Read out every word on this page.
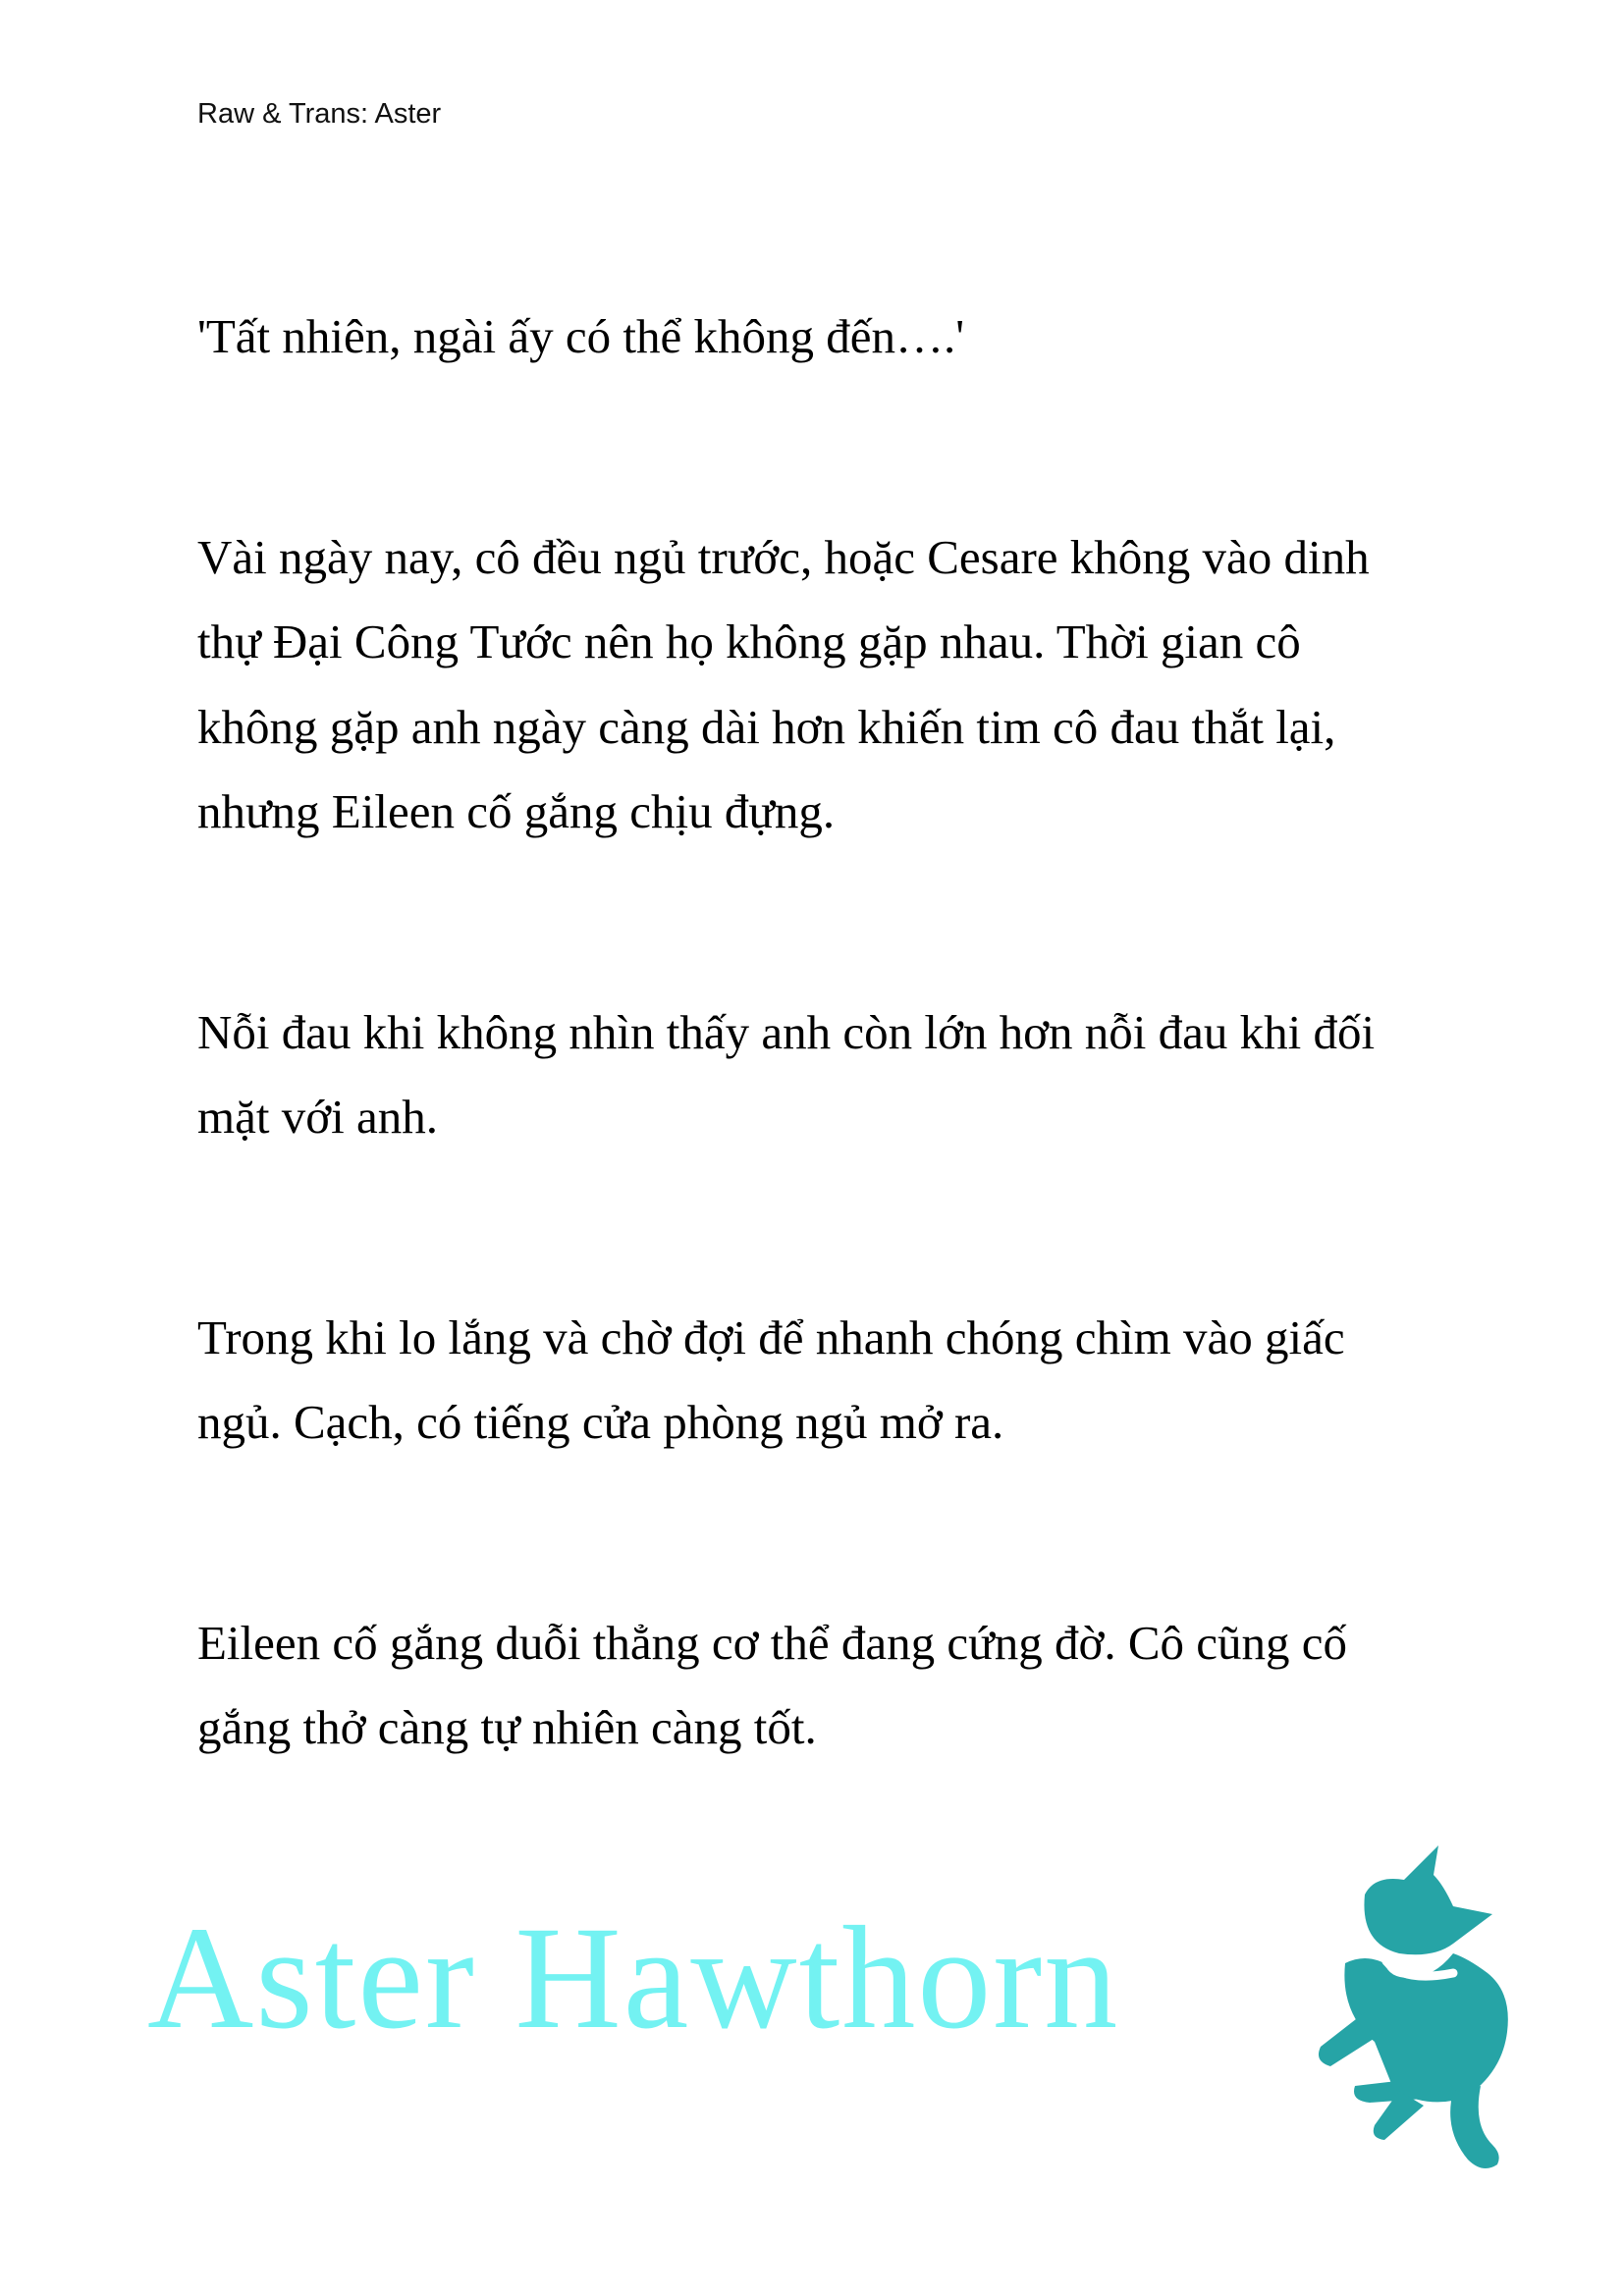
Raw & Trans: Aster

'Tất nhiên, ngài ấy có thể không đến….'

Vài ngày nay, cô đều ngủ trước, hoặc Cesare không vào dinh
thự Đại Công Tước nên họ không gặp nhau. Thời gian cô
không gặp anh ngày càng dài hơn khiến tim cô đau thắt lại,
nhưng Eileen cố gắng chịu đựng.

Nỗi đau khi không nhìn thấy anh còn lớn hơn nỗi đau khi đối
mặt với anh.

Trong khi lo lắng và chờ đợi để nhanh chóng chìm vào giấc
ngủ. Cạch, có tiếng cửa phòng ngủ mở ra.

Eileen cố gắng duỗi thẳng cơ thể đang cứng đờ. Cô cũng cố
gắng thở càng tự nhiên càng tốt.

Aster Hawthorn
